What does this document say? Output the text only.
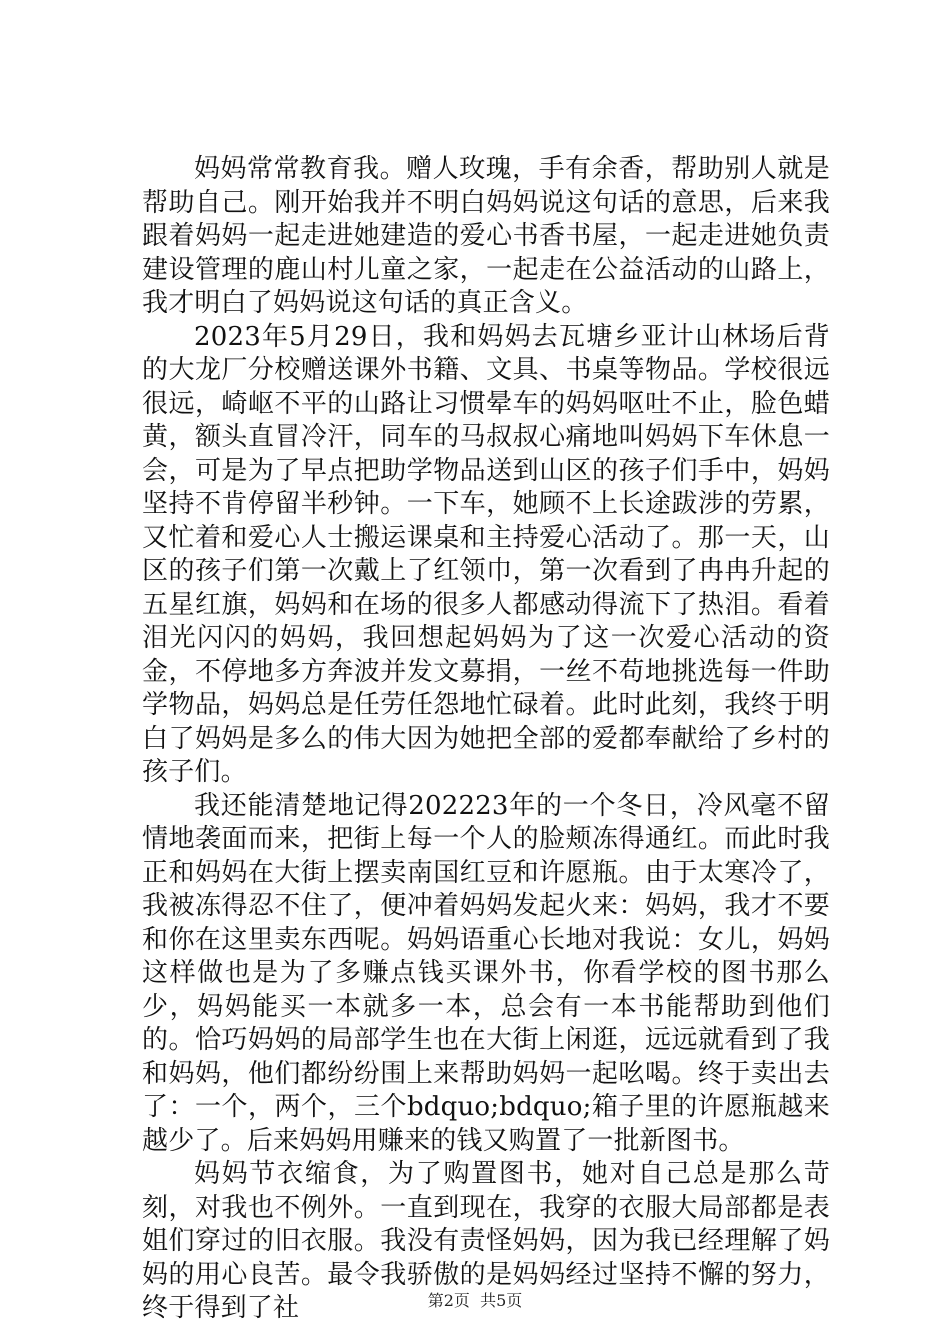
妈妈常常教育我。赠人玫瑰，手有余香，帮助别人就是帮助自己。刚开始我并不明白妈妈说这句话的意思，后来我跟着妈妈一起走进她建造的爱心书香书屋，一起走进她负责建设管理的鹿山村儿童之家，一起走在公益活动的山路上，我才明白了妈妈说这句话的真正含义。

2023年5月29日，我和妈妈去瓦塘乡亚计山林场后背的大龙厂分校赠送课外书籍、文具、书桌等物品。学校很远很远，崎岖不平的山路让习惯晕车的妈妈呕吐不止，脸色蜡黄，额头直冒冷汗，同车的马叔叔心痛地叫妈妈下车休息一会，可是为了早点把助学物品送到山区的孩子们手中，妈妈坚持不肯停留半秒钟。一下车，她顾不上长途跋涉的劳累，又忙着和爱心人士搬运课桌和主持爱心活动了。那一天，山区的孩子们第一次戴上了红领巾，第一次看到了冉冉升起的五星红旗，妈妈和在场的很多人都感动得流下了热泪。看着泪光闪闪的妈妈，我回想起妈妈为了这一次爱心活动的资金，不停地多方奔波并发文募捐，一丝不苟地挑选每一件助学物品，妈妈总是任劳任怨地忙碌着。此时此刻，我终于明白了妈妈是多么的伟大因为她把全部的爱都奉献给了乡村的孩子们。

我还能清楚地记得202223年的一个冬日，冷风毫不留情地袭面而来，把街上每一个人的脸颊冻得通红。而此时我正和妈妈在大街上摆卖南国红豆和许愿瓶。由于太寒冷了，我被冻得忍不住了，便冲着妈妈发起火来：妈妈，我才不要和你在这里卖东西呢。妈妈语重心长地对我说：女儿，妈妈这样做也是为了多赚点钱买课外书，你看学校的图书那么少，妈妈能买一本就多一本，总会有一本书能帮助到他们的。恰巧妈妈的局部学生也在大街上闲逛，远远就看到了我和妈妈，他们都纷纷围上来帮助妈妈一起吆喝。终于卖出去了：一个，两个，三个bdquo;bdquo;箱子里的许愿瓶越来越少了。后来妈妈用赚来的钱又购置了一批新图书。

妈妈节衣缩食，为了购置图书，她对自己总是那么苛刻，对我也不例外。一直到现在，我穿的衣服大局部都是表姐们穿过的旧衣服。我没有责怪妈妈，因为我已经理解了妈妈的用心良苦。最令我骄傲的是妈妈经过坚持不懈的努力，终于得到了社	第2页  共5页
